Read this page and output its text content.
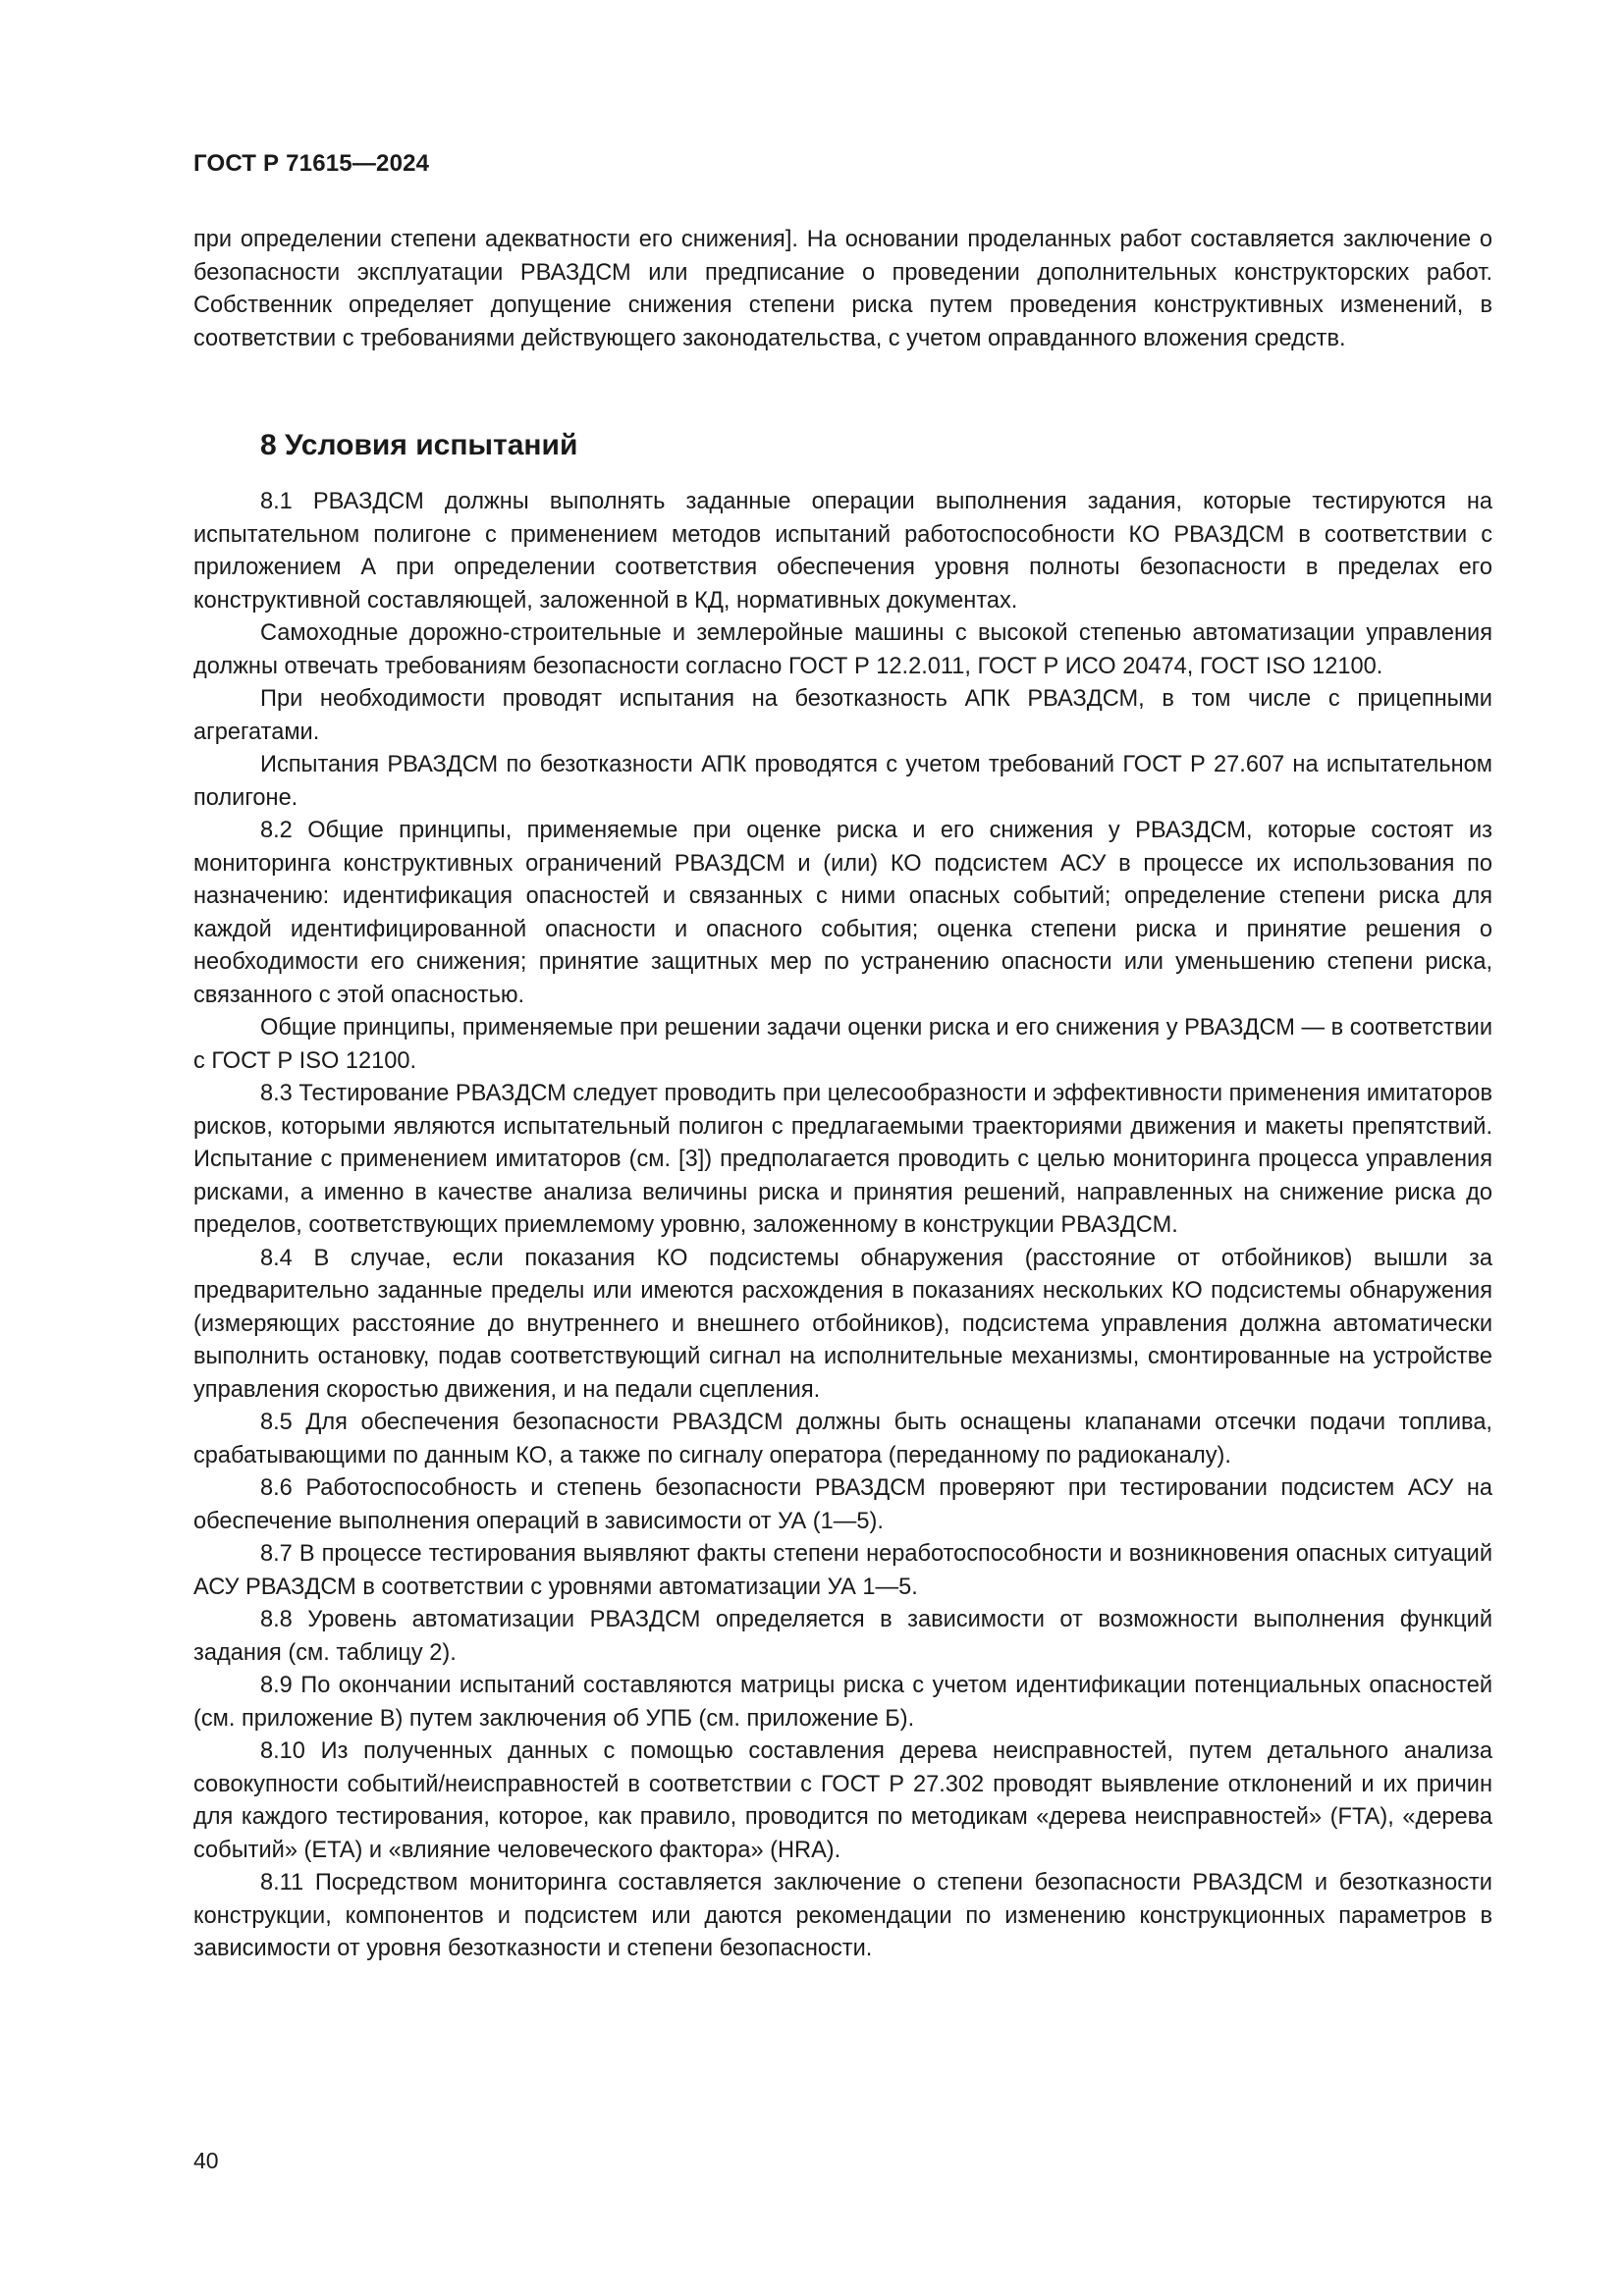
ГОСТ Р 71615—2024

при определении степени адекватности его снижения]. На основании проделанных работ составляется заключение о безопасности эксплуатации РВАЗДСМ или предписание о проведении дополнительных конструкторских работ. Собственник определяет допущение снижения степени риска путем проведения конструктивных изменений, в соответствии с требованиями действующего законодательства, с учетом оправданного вложения средств.

8 Условия испытаний

8.1 РВАЗДСМ должны выполнять заданные операции выполнения задания, которые тестируются на испытательном полигоне с применением методов испытаний работоспособности КО РВАЗДСМ в соответствии с приложением А при определении соответствия обеспечения уровня полноты безопасности в пределах его конструктивной составляющей, заложенной в КД, нормативных документах.

Самоходные дорожно-строительные и землеройные машины с высокой степенью автоматизации управления должны отвечать требованиям безопасности согласно ГОСТ Р 12.2.011, ГОСТ Р ИСО 20474, ГОСТ ISO 12100.

При необходимости проводят испытания на безотказность АПК РВАЗДСМ, в том числе с прицепными агрегатами.

Испытания РВАЗДСМ по безотказности АПК проводятся с учетом требований ГОСТ Р 27.607 на испытательном полигоне.

8.2 Общие принципы, применяемые при оценке риска и его снижения у РВАЗДСМ, которые состоят из мониторинга конструктивных ограничений РВАЗДСМ и (или) КО подсистем АСУ в процессе их использования по назначению: идентификация опасностей и связанных с ними опасных событий; определение степени риска для каждой идентифицированной опасности и опасного события; оценка степени риска и принятие решения о необходимости его снижения; принятие защитных мер по устранению опасности или уменьшению степени риска, связанного с этой опасностью.

Общие принципы, применяемые при решении задачи оценки риска и его снижения у РВАЗДСМ — в соответствии с ГОСТ Р ISO 12100.

8.3 Тестирование РВАЗДСМ следует проводить при целесообразности и эффективности применения имитаторов рисков, которыми являются испытательный полигон с предлагаемыми траекториями движения и макеты препятствий. Испытание с применением имитаторов (см. [3]) предполагается проводить с целью мониторинга процесса управления рисками, а именно в качестве анализа величины риска и принятия решений, направленных на снижение риска до пределов, соответствующих приемлемому уровню, заложенному в конструкции РВАЗДСМ.

8.4 В случае, если показания КО подсистемы обнаружения (расстояние от отбойников) вышли за предварительно заданные пределы или имеются расхождения в показаниях нескольких КО подсистемы обнаружения (измеряющих расстояние до внутреннего и внешнего отбойников), подсистема управления должна автоматически выполнить остановку, подав соответствующий сигнал на исполнительные механизмы, смонтированные на устройстве управления скоростью движения, и на педали сцепления.

8.5 Для обеспечения безопасности РВАЗДСМ должны быть оснащены клапанами отсечки подачи топлива, срабатывающими по данным КО, а также по сигналу оператора (переданному по радиоканалу).

8.6 Работоспособность и степень безопасности РВАЗДСМ проверяют при тестировании подсистем АСУ на обеспечение выполнения операций в зависимости от УА (1—5).

8.7 В процессе тестирования выявляют факты степени неработоспособности и возникновения опасных ситуаций АСУ РВАЗДСМ в соответствии с уровнями автоматизации УА 1—5.

8.8 Уровень автоматизации РВАЗДСМ определяется в зависимости от возможности выполнения функций задания (см. таблицу 2).

8.9 По окончании испытаний составляются матрицы риска с учетом идентификации потенциальных опасностей (см. приложение В) путем заключения об УПБ (см. приложение Б).

8.10 Из полученных данных с помощью составления дерева неисправностей, путем детального анализа совокупности событий/неисправностей в соответствии с ГОСТ Р 27.302 проводят выявление отклонений и их причин для каждого тестирования, которое, как правило, проводится по методикам «дерева неисправностей» (FTA), «дерева событий» (ETA) и «влияние человеческого фактора» (HRA).

8.11 Посредством мониторинга составляется заключение о степени безопасности РВАЗДСМ и безотказности конструкции, компонентов и подсистем или даются рекомендации по изменению конструкционных параметров в зависимости от уровня безотказности и степени безопасности.

40
